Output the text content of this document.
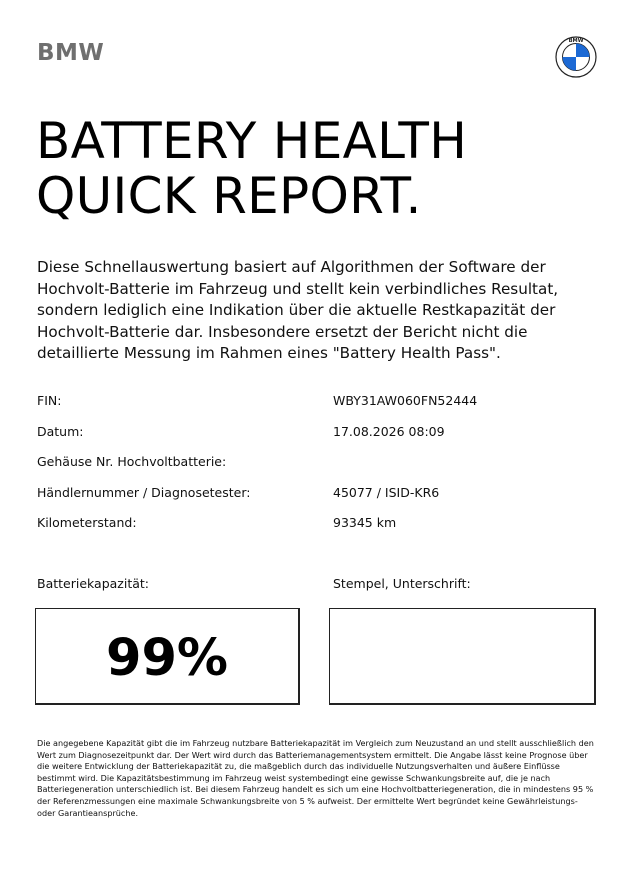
BMW	BMW
BATTERY HEALTH
QUICK REPORT.

Diese Schnellauswertung basiert auf Algorithmen der Software der Hochvolt-Batterie im Fahrzeug und stellt kein verbindliches Resultat, sondern lediglich eine Indikation über die aktuelle Restkapazität der Hochvolt-Batterie dar. Insbesondere ersetzt der Bericht nicht die detaillierte Messung im Rahmen eines "Battery Health Pass".

FIN:	WBY31AW060FN52444
Datum:	17.08.2026 08:09
Gehäuse Nr. Hochvoltbatterie:
Händlernummer / Diagnosetester:	45077 / ISID-KR6
Kilometerstand:	93345 km
Batteriekapazität:	Stempel, Unterschrift:
99%

Die angegebene Kapazität gibt die im Fahrzeug nutzbare Batteriekapazität im Vergleich zum Neuzustand an und stellt ausschließlich den Wert zum Diagnosezeitpunkt dar. Der Wert wird durch das Batteriemanagementsystem ermittelt. Die Angabe lässt keine Prognose über die weitere Entwicklung der Batteriekapazität zu, die maßgeblich durch das individuelle Nutzungsverhalten und äußere Einflüsse bestimmt wird. Die Kapazitätsbestimmung im Fahrzeug weist systembedingt eine gewisse Schwankungsbreite auf, die je nach Batteriegeneration unterschiedlich ist. Bei diesem Fahrzeug handelt es sich um eine Hochvoltbatteriegeneration, die in mindestens 95 % der Referenzmessungen eine maximale Schwankungsbreite von 5 % aufweist. Der ermittelte Wert begründet keine Gewährleistungs- oder Garantieansprüche.
